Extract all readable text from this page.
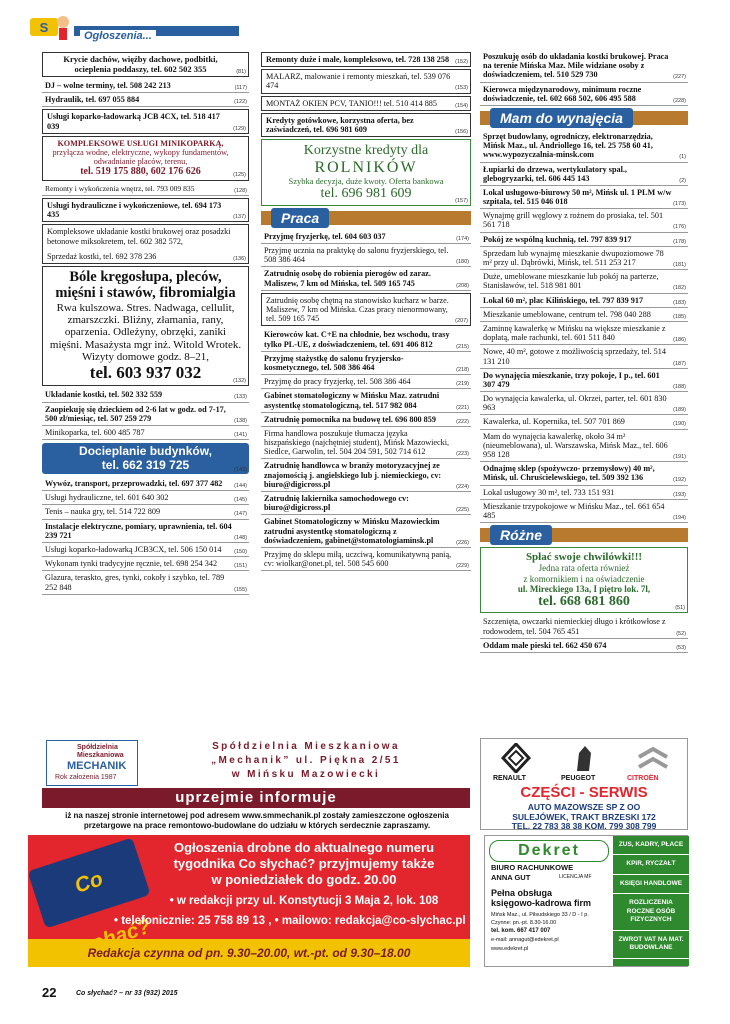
S
Ogłoszenia...
Krycie dachów, więźby dachowe, podbitki, ocieplenia poddaszy, tel. 602 502 355	(81)
DJ – wolne terminy, tel. 508 242 213	(117)
Hydraulik, tel. 697 055 884	(122)
Usługi koparko-ładowarką JCB 4CX, tel. 518 417 039	(129)
KOMPLEKSOWE USŁUGI MINIKOPARKĄ,
przyłącza wodne, elektryczne, wykopy fundamentów, odwadnianie placów, terenu,
tel. 519 175 880, 602 176 626	(125)
Remonty i wykończenia wnętrz, tel. 793 009 835	(128)
Usługi hydrauliczne i wykończeniowe, tel. 694 173 435	(137)
Kompleksowe układanie kostki brukowej oraz posadzki betonowe miksokretem, tel. 602 382 572,
Sprzedaż kostki, tel. 692 378 236	(136)
Bóle kręgosłupa, pleców, mięśni i stawów, fibromialgia
Rwa kulszowa. Stres. Nadwaga, cellulit, zmarszczki. Bliźny, złamania, rany, oparzenia. Odleżyny, obrzęki, zaniki mięśni. Masażysta mgr inż. Witold Wrotek. Wizyty domowe godz. 8–21,
tel. 603 937 032	(132)
Układanie kostki, tel. 502 332 559	(133)
Zaopiekuję się dzieckiem od 2-6 lat w godz. od 7-17, 500 zł/miesiąc, tel. 507 259 279	(138)
Minikoparka, tel. 600 485 787	(141)
Docieplanie budynków,
tel. 662 319 725	(143)
Wywóz, transport, przeprowadzki, tel. 697 377 482 (144)
Usługi hydrauliczne, tel. 601 640 302	(145)
Tenis – nauka gry, tel. 514 722 809	(147)
Instalacje elektryczne, pomiary, uprawnienia, tel. 604 239 721	(148)
Usługi koparko-ładowarką JCB3CX, tel. 506 150 014 (150)
Wykonam tynki tradycyjne ręcznie, tel. 698 254 342	(151)
Glazura, teraskto, gres, tynki, cokoły i szybko, tel. 789 252 848	(155)
Remonty duże i małe, kompleksowo, tel. 728 138 258 (152)
MALARZ, malowanie i remonty mieszkań, tel. 539 076 474	(153)
MONTAŻ OKIEN PCV, TANIO!!! tel. 510 414 885	(154)
Kredyty gotówkowe, korzystna oferta, bez zaświadczeń, tel. 696 981 609	(156)
Korzystne kredyty dla
ROLNIKÓW
Szybka decyzja, duże kwoty. Oferta bankowa
tel. 696 981 609	(157)
Praca
Przyjmę fryzjerkę, tel. 604 603 037	(174)
Przyjmę ucznia na praktykę do salonu fryzjerskiego, tel. 508 386 464	(180)
Zatrudnię osobę do robienia pierogów od zaraz. Maliszew, 7 km od Mińska, tel. 509 165 745	(208)
Zatrudnię osobę chętną na stanowisko kucharz w barze. Maliszew, 7 km od Mińska. Czas pracy nienormowany, tel. 509 165 745	(207)
Kierowców kat. C+E na chłodnie, bez wschodu, trasy tylko PL-UE, z doświadczeniem, tel. 691 406 812	(215)
Przyjmę stażystkę do salonu fryzjersko-kosmetycznego, tel. 508 386 464	(218)
Przyjmę do pracy fryzjerkę, tel. 508 386 464	(219)
Gabinet stomatologiczny w Mińsku Maz. zatrudni asystentkę stomatologiczną, tel. 517 982 084	(221)
Zatrudnię pomocnika na budowę tel. 696 800 859	(222)
Firma handlowa poszukuje tłumacza języka hiszpańskiego (najchętniej student), Mińsk Mazowiecki, Siedlce, Garwolin, tel. 504 204 591, 502 714 612	(223)
Zatrudnię handlowca w branży motoryzacyjnej ze znajomością j. angielskiego lub j. niemieckiego, cv: biuro@digicross.pl	(224)
Zatrudnię lakiernika samochodowego cv: biuro@digicross.pl	(225)
Gabinet Stomatologiczny w Mińsku Mazowieckim zatrudni asystentkę stomatologiczną z doświadczeniem, gabinet@stomatologiaminsk.pl	(226)
Przyjmę do sklepu miłą, uczciwą, komunikatywną panią, cv: wiolkar@onet.pl, tel. 508 545 600	(229)
Poszukuję osób do układania kostki brukowej. Praca na terenie Mińska Maz. Mile widziane osoby z doświadczeniem, tel. 510 529 730	(227)
Kierowca międzynarodowy, minimum roczne doświadczenie, tel. 602 668 502, 606 495 588	(228)
Mam do wynajęcia
Sprzęt budowlany, ogrodniczy, elektronarzędzia, Mińsk Maz., ul. Andriollego 16, tel. 25 758 60 41, www.wypozyczalnia-minsk.com	(1)
Łupiarki do drzewa, wertykulatory spal., glebogryzarki, tel. 606 445 143	(2)
Lokal usługowo-biurowy 50 m², Mińsk ul. 1 PLM w/w szpitala, tel. 515 046 018	(173)
Wynajmę grill węglowy z rożnem do prosiaka, tel. 501 561 718	(176)
Pokój ze wspólną kuchnią, tel. 797 839 917	(178)
Sprzedam lub wynajmę mieszkanie dwupoziomowe 78 m² przy ul. Dąbrówki, Mińsk, tel. 511 253 217	(181)
Duże, umeblowane mieszkanie lub pokój na parterze, Stanisławów, tel. 518 981 801	(182)
Lokal 60 m², plac Kilińskiego, tel. 797 839 917	(183)
Mieszkanie umeblowane, centrum tel. 798 040 288	(185)
Zaminnę kawalerkę w Mińsku na większe mieszkanie z dopłatą, małe rachunki, tel. 601 511 840	(186)
Nowe, 40 m², gotowe z możliwością sprzedaży, tel. 514 131 210	(187)
Do wynajęcia mieszkanie, trzy pokoje, I p., tel. 601 307 479	(188)
Do wynajęcia kawalerka, ul. Okrzei, parter, tel. 601 830 963	(189)
Kawalerka, ul. Kopernika, tel. 507 701 869	(190)
Mam do wynajęcia kawalerkę, około 34 m² (nieumeblowana), ul. Warszawska, Mińsk Maz., tel. 606 958 128	(191)
Odnajmę sklep (spożywczo- przemysłowy) 40 m², Mińsk, ul. Chruścielewskiego, tel. 509 392 136	(192)
Lokal usługowy 30 m², tel. 733 151 931	(193)
Mieszkanie trzypokojowe w Mińsku Maz., tel. 661 654 485	(194)
Różne
Spłać swoje chwilówki!!!
Jedna rata oferta również
z komornikiem i na oświadczenie
ul. Mireckiego 13a, I piętro lok. 7l,
tel. 668 681 860	(51)
Szczenięta, owczarki niemieckiej długo i krótkowłose z rodowodem, tel. 504 765 451	(52)
Oddam małe pieski tel. 662 450 674	(53)
Spółdzielnia
Mieszkaniowa
MECHANIK
Rok założenia 1987
Spółdzielnia Mieszkaniowa
„Mechanik” ul. Piękna 2/51
w Mińsku Mazowiecki
uprzejmie informuje
iż na naszej stronie internetowej pod adresem www.smmechanik.pl zostały zamieszczone ogłoszenia przetargowe na prace remontowo-budowlane do udziału w których serdecznie zapraszamy.
RENAULT	PEUGEOT	CITROËN
CZĘŚCI - SERWIS
AUTO MAZOWSZE SP Z OO
SULEJÓWEK, TRAKT BRZESKI 172
TEL. 22 783 38 38 KOM. 799 308 799
Co
Ogłoszenia drobne do aktualnego numeru
tygodnika Co słychać? przyjmujemy także
w poniedziałek do godz. 20.00
• w redakcji przy ul. Konstytucji 3 Maja 2, lok. 108
• telefonicznie: 25 758 89 13 , • mailowo: redakcja@co-slychac.pl
Redakcja czynna od pn. 9.30–20.00, wt.-pt. od 9.30–18.00
Dekret
BIURO RACHUNKOWE
ANNA GUT	LICENCJA MF
Pełna obsługa
księgowo-kadrowa firm
Mińsk Maz., ul. Piłsudskiego 33 / D - I p.
Czynne: pn.-pt. 8.30-16.00
tel. kom. 667 417 007
e-mail: annagut@edekret.pl
www.edekret.pl
ZUS, KADRY, PŁACE
KPiR, RYCZAŁT
KSIĘGI HANDLOWE
ROZLICZENIA ROCZNE OSÓB FIZYCZNYCH
ZWROT VAT NA MAT. BUDOWLANE
22	Co słychać? – nr 33 (932) 2015
